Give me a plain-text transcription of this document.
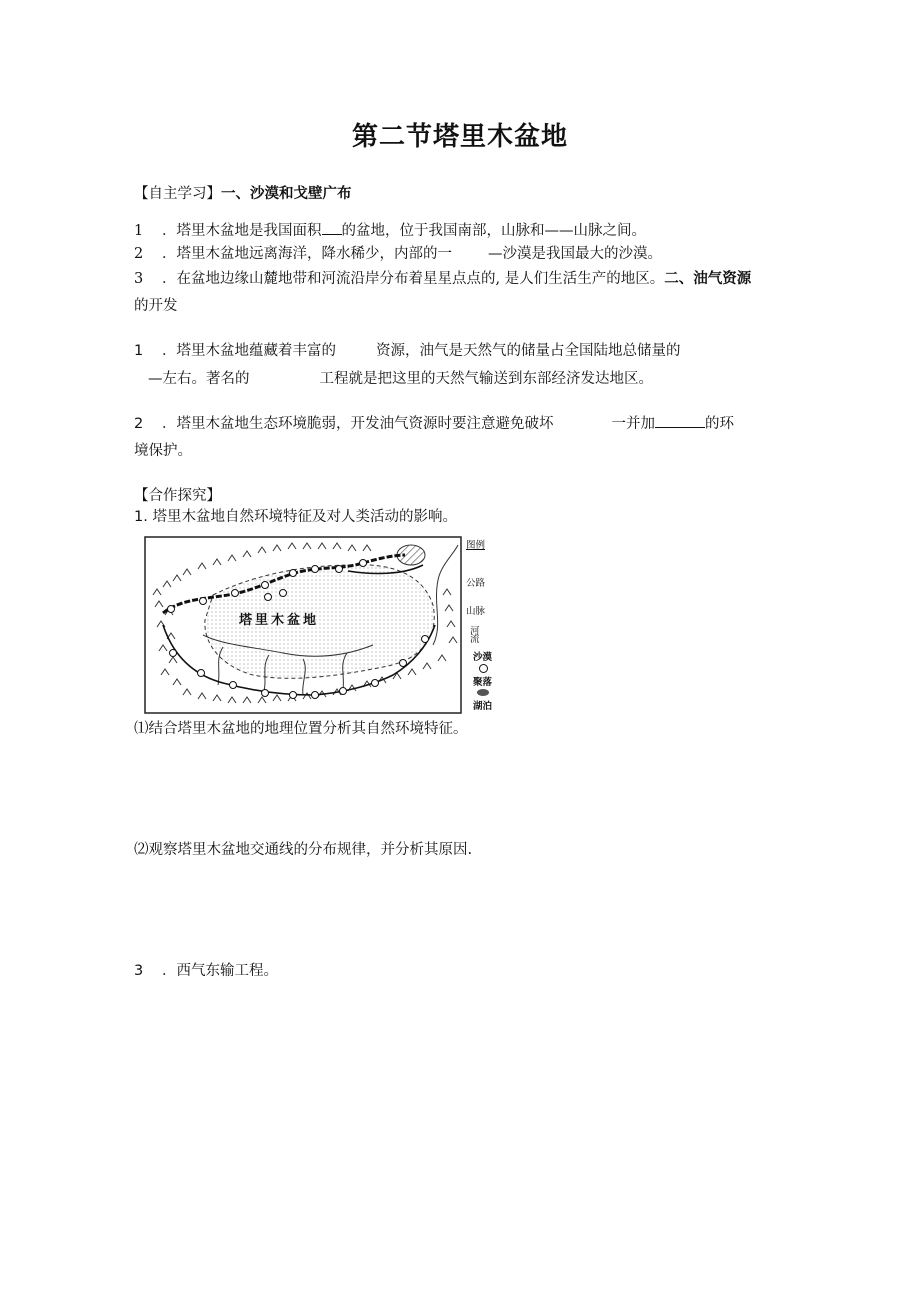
第二节塔里木盆地
【自主学习】一、沙漠和戈壁广布
1 ．塔里木盆地是我国面积 的盆地，位于我国南部，山脉和——山脉之间。
2 ．塔里木盆地远离海洋，降水稀少，内部的一 —沙漠是我国最大的沙漠。
3 ．在盆地边缘山麓地带和河流沿岸分布着星星点点的, 是人们生活生产的地区。二、油气资源
的开发
1 ．塔里木盆地蕴藏着丰富的	资源，油气是天然气的储量占全国陆地总储量的
—左右。著名的	工程就是把这里的天然气输送到东部经济发达地区。
2 ．塔里木盆地生态环境脆弱，开发油气资源时要注意避免破坏	一并加	的环
境保护。
【合作探究】
1. 塔里木盆地自然环境特征及对人类活动的影响。
塔里木盆地
图例
公路
山脉
河
流
沙漠
聚落
湖泊
⑴结合塔里木盆地的地理位置分析其自然环境特征。
⑵观察塔里木盆地交通线的分布规律，并分析其原因.
3 ．西气东输工程。
